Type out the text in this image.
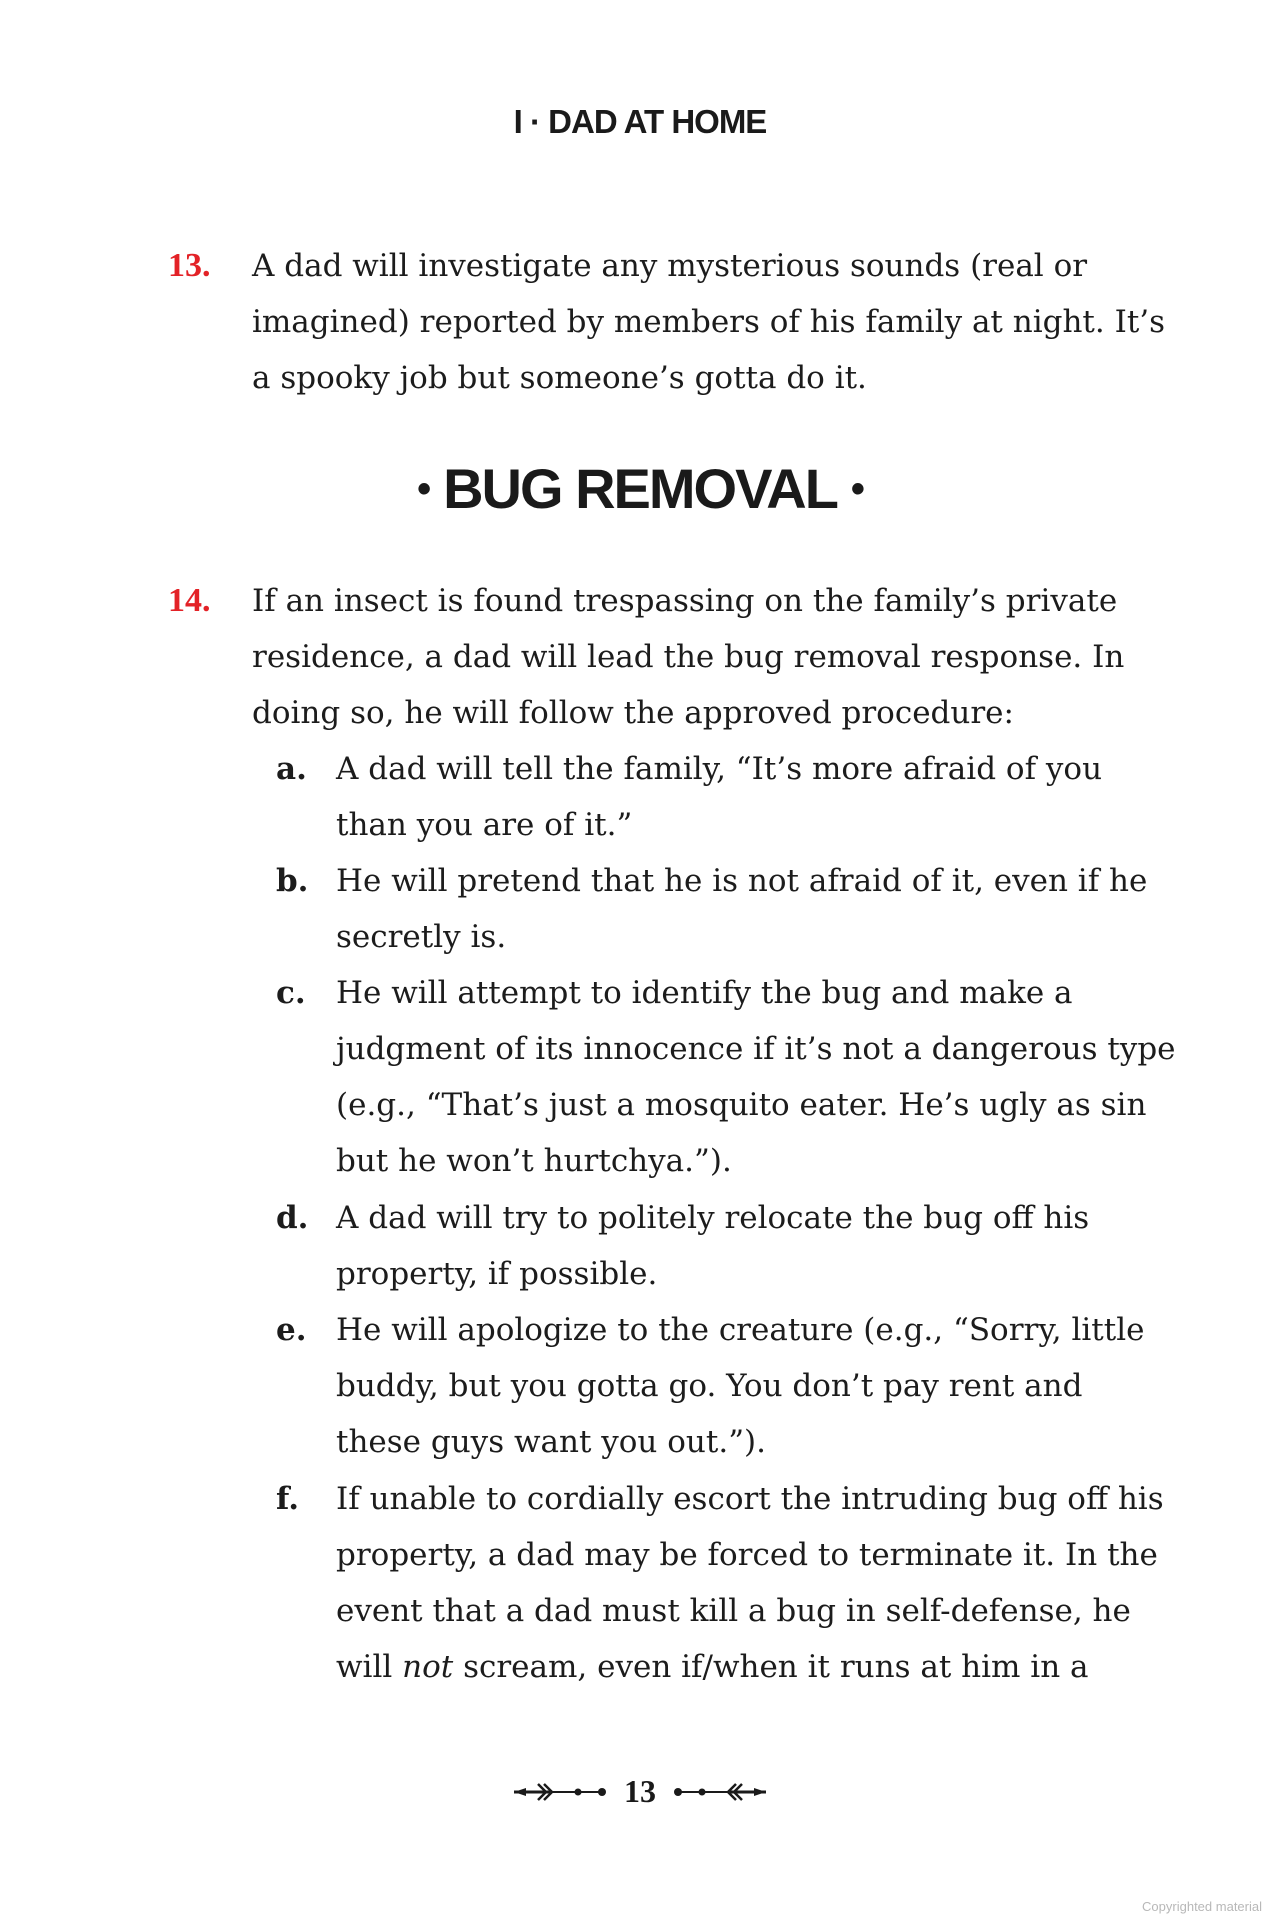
I · DAD AT HOME
13. A dad will investigate any mysterious sounds (real or imagined) reported by members of his family at night. It’s a spooky job but someone’s gotta do it.
• BUG REMOVAL •
14. If an insect is found trespassing on the family’s private residence, a dad will lead the bug removal response. In doing so, he will follow the approved procedure:
a. A dad will tell the family, “It’s more afraid of you than you are of it.”
b. He will pretend that he is not afraid of it, even if he secretly is.
c. He will attempt to identify the bug and make a judgment of its innocence if it’s not a dangerous type (e.g., “That’s just a mosquito eater. He’s ugly as sin but he won’t hurtchya.”).
d. A dad will try to politely relocate the bug off his property, if possible.
e. He will apologize to the creature (e.g., “Sorry, little buddy, but you gotta go. You don’t pay rent and these guys want you out.”).
f. If unable to cordially escort the intruding bug off his property, a dad may be forced to terminate it. In the event that a dad must kill a bug in self-defense, he will not scream, even if/when it runs at him in a
13
Copyrighted material
